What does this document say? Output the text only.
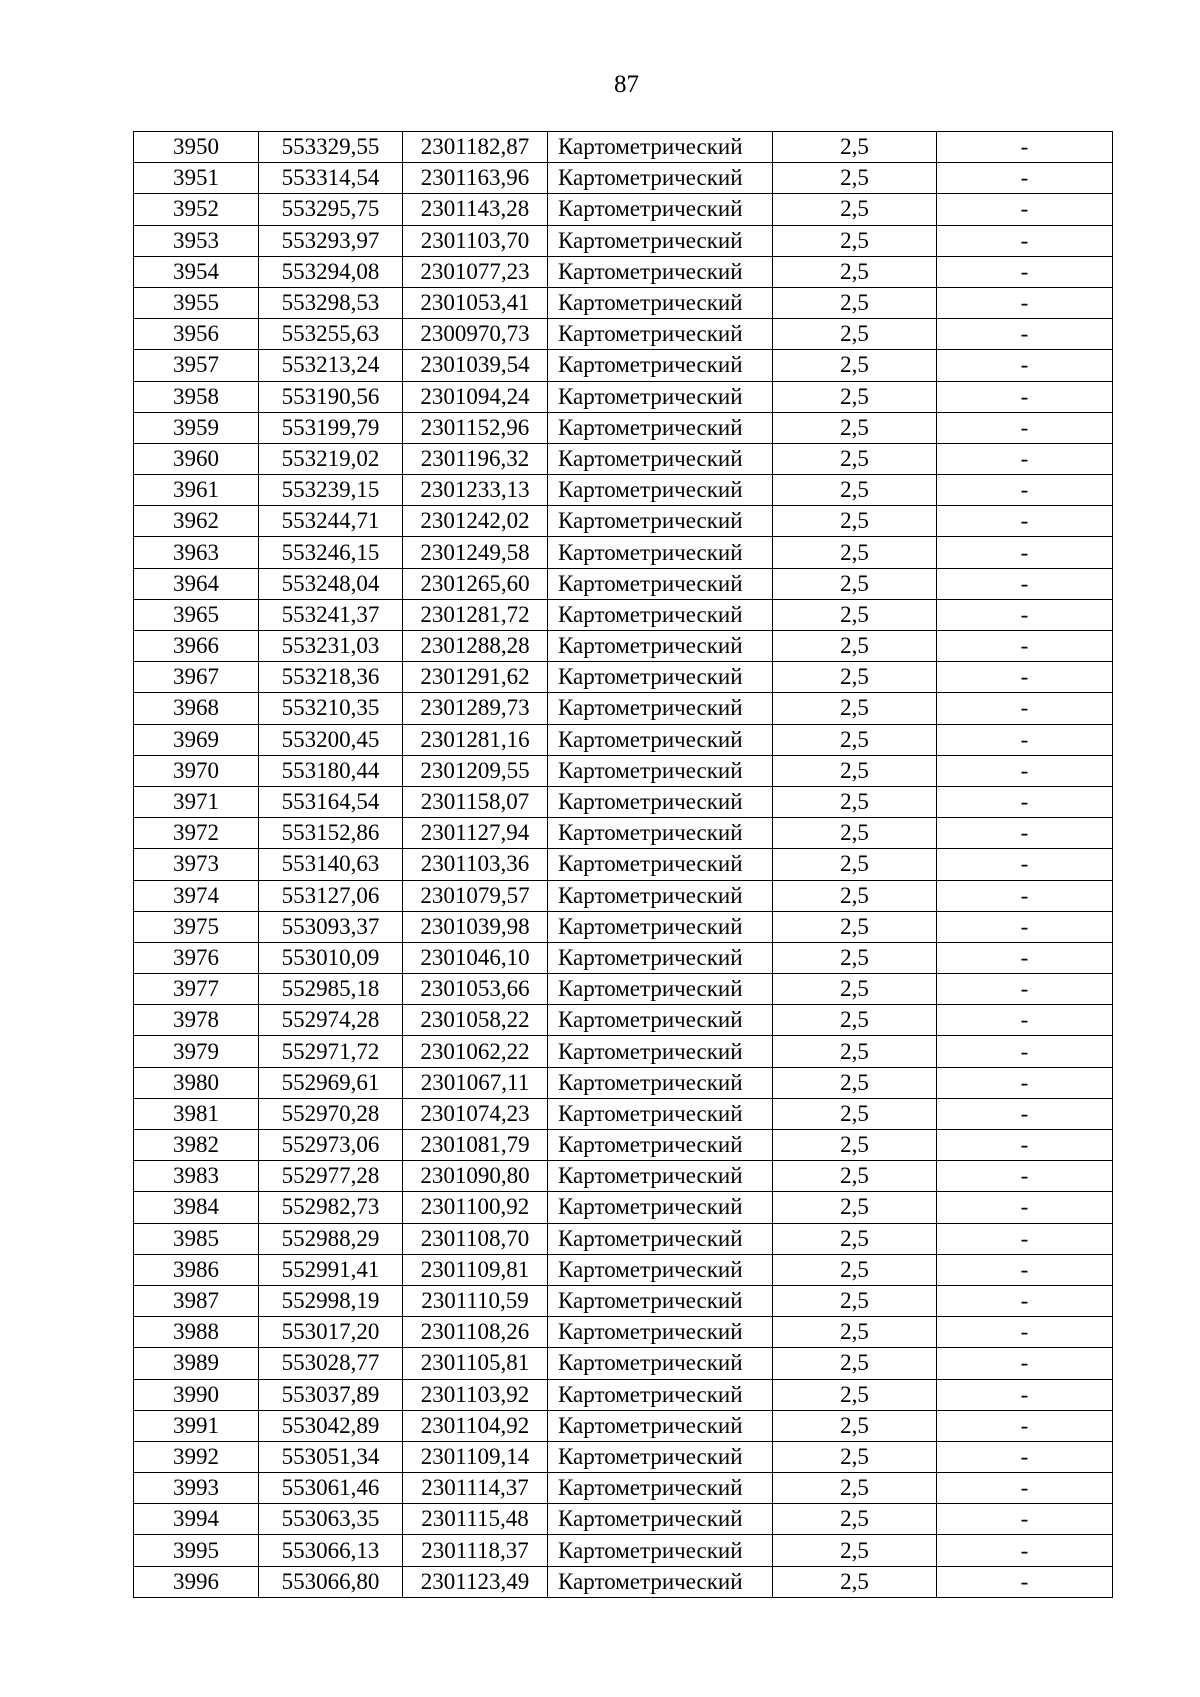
87
3950	553329,55	2301182,87	Картометрический	2,5	-
3951	553314,54	2301163,96	Картометрический	2,5	-
3952	553295,75	2301143,28	Картометрический	2,5	-
3953	553293,97	2301103,70	Картометрический	2,5	-
3954	553294,08	2301077,23	Картометрический	2,5	-
3955	553298,53	2301053,41	Картометрический	2,5	-
3956	553255,63	2300970,73	Картометрический	2,5	-
3957	553213,24	2301039,54	Картометрический	2,5	-
3958	553190,56	2301094,24	Картометрический	2,5	-
3959	553199,79	2301152,96	Картометрический	2,5	-
3960	553219,02	2301196,32	Картометрический	2,5	-
3961	553239,15	2301233,13	Картометрический	2,5	-
3962	553244,71	2301242,02	Картометрический	2,5	-
3963	553246,15	2301249,58	Картометрический	2,5	-
3964	553248,04	2301265,60	Картометрический	2,5	-
3965	553241,37	2301281,72	Картометрический	2,5	-
3966	553231,03	2301288,28	Картометрический	2,5	-
3967	553218,36	2301291,62	Картометрический	2,5	-
3968	553210,35	2301289,73	Картометрический	2,5	-
3969	553200,45	2301281,16	Картометрический	2,5	-
3970	553180,44	2301209,55	Картометрический	2,5	-
3971	553164,54	2301158,07	Картометрический	2,5	-
3972	553152,86	2301127,94	Картометрический	2,5	-
3973	553140,63	2301103,36	Картометрический	2,5	-
3974	553127,06	2301079,57	Картометрический	2,5	-
3975	553093,37	2301039,98	Картометрический	2,5	-
3976	553010,09	2301046,10	Картометрический	2,5	-
3977	552985,18	2301053,66	Картометрический	2,5	-
3978	552974,28	2301058,22	Картометрический	2,5	-
3979	552971,72	2301062,22	Картометрический	2,5	-
3980	552969,61	2301067,11	Картометрический	2,5	-
3981	552970,28	2301074,23	Картометрический	2,5	-
3982	552973,06	2301081,79	Картометрический	2,5	-
3983	552977,28	2301090,80	Картометрический	2,5	-
3984	552982,73	2301100,92	Картометрический	2,5	-
3985	552988,29	2301108,70	Картометрический	2,5	-
3986	552991,41	2301109,81	Картометрический	2,5	-
3987	552998,19	2301110,59	Картометрический	2,5	-
3988	553017,20	2301108,26	Картометрический	2,5	-
3989	553028,77	2301105,81	Картометрический	2,5	-
3990	553037,89	2301103,92	Картометрический	2,5	-
3991	553042,89	2301104,92	Картометрический	2,5	-
3992	553051,34	2301109,14	Картометрический	2,5	-
3993	553061,46	2301114,37	Картометрический	2,5	-
3994	553063,35	2301115,48	Картометрический	2,5	-
3995	553066,13	2301118,37	Картометрический	2,5	-
3996	553066,80	2301123,49	Картометрический	2,5	-
